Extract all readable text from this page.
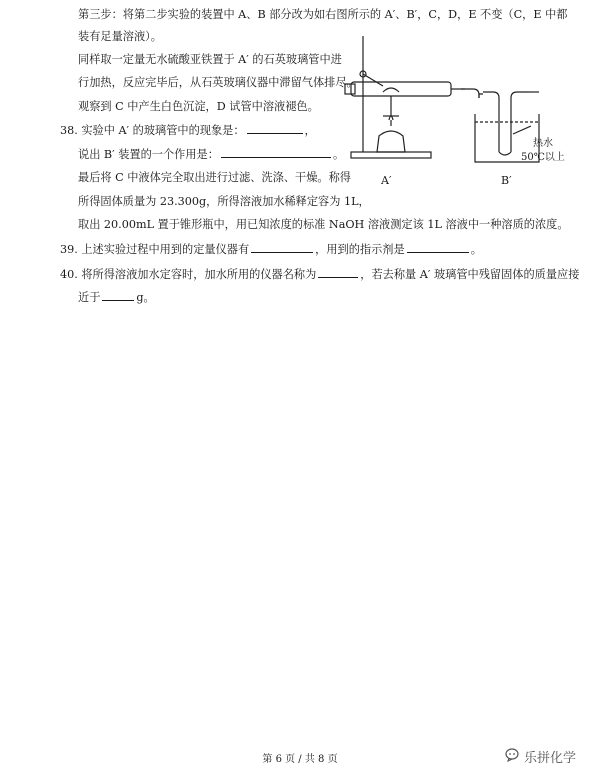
第三步：将第二步实验的装置中 A、B 部分改为如右图所示的 A′、B′，C，D，E 不变（C，E 中都
装有足量溶液）。
同样取一定量无水硫酸亚铁置于 A′ 的石英玻璃管中进
行加热，反应完毕后，从石英玻璃仪器中滞留气体排尽。
观察到 C 中产生白色沉淀，D 试管中溶液褪色。
38. 实验中 A′ 的玻璃管中的现象是：	，
说出 B′ 装置的一个作用是：	。
最后将 C 中液体完全取出进行过滤、洗涤、干燥。称得
所得固体质量为 23.300g，所得溶液加水稀释定容为 1L，
取出 20.00mL 置于锥形瓶中，用已知浓度的标准 NaOH 溶液测定该 1L 溶液中一种溶质的浓度。
39. 上述实验过程中用到的定量仪器有	，用到的指示剂是	。
40. 将所得溶液加水定容时，加水所用的仪器名称为	，若去称量 A′ 玻璃管中残留固体的质量应接
近于	g。
A′	B′
热水
50℃以上
第 6 页 / 共 8 页	乐拼化学
